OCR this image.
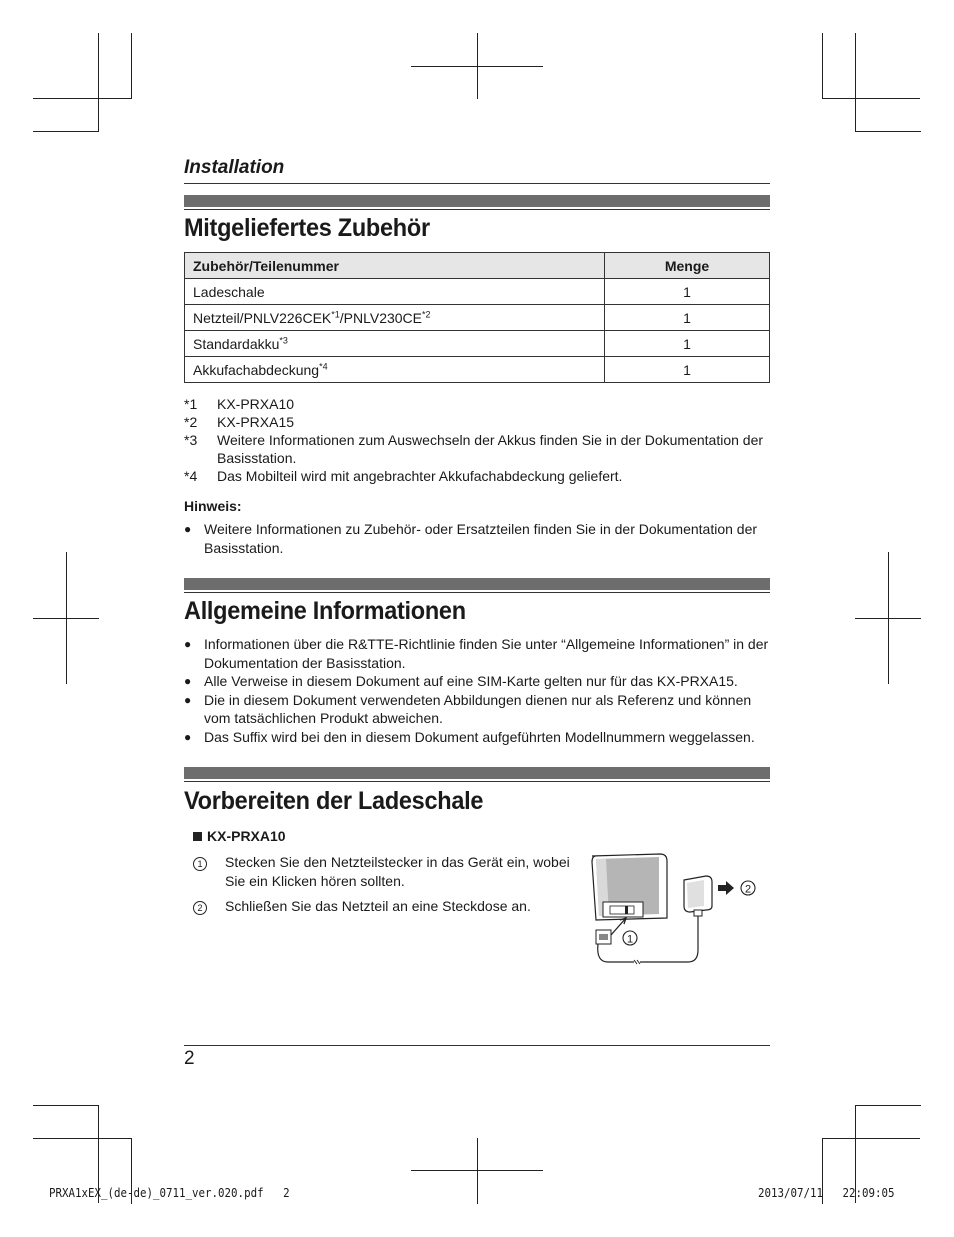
Installation
Mitgeliefertes Zubehör
Zubehör/Teilenummer	Menge
Ladeschale	1
Netzteil/PNLV226CEK$^{*1}$/PNLV230CE$^{*2}$	1
Standardakku$^{*3}$	1
Akkufachabdeckung$^{*4}$	1
*1	KX-PRXA10
*2	KX-PRXA15
*3	Weitere Informationen zum Auswechseln der Akkus finden Sie in der Dokumentation der Basisstation.
*4	Das Mobilteil wird mit angebrachter Akkufachabdeckung geliefert.
Hinweis:
● Weitere Informationen zu Zubehör- oder Ersatzteilen finden Sie in der Dokumentation der Basisstation.
Allgemeine Informationen
● Informationen über die R&TTE-Richtlinie finden Sie unter “Allgemeine Informationen” in der Dokumentation der Basisstation.
● Alle Verweise in diesem Dokument auf eine SIM-Karte gelten nur für das KX-PRXA15.
● Die in diesem Dokument verwendeten Abbildungen dienen nur als Referenz und können vom tatsächlichen Produkt abweichen.
● Das Suffix wird bei den in diesem Dokument aufgeführten Modellnummern weggelassen.
Vorbereiten der Ladeschale
KX-PRXA10
1	Stecken Sie den Netzteilstecker in das Gerät ein, wobei Sie ein Klicken hören sollten.
2	Schließen Sie das Netzteil an eine Steckdose an.
1
2
2
PRXA1xEX_(de-de)_0711_ver.020.pdf   2	2013/07/11   22:09:05
